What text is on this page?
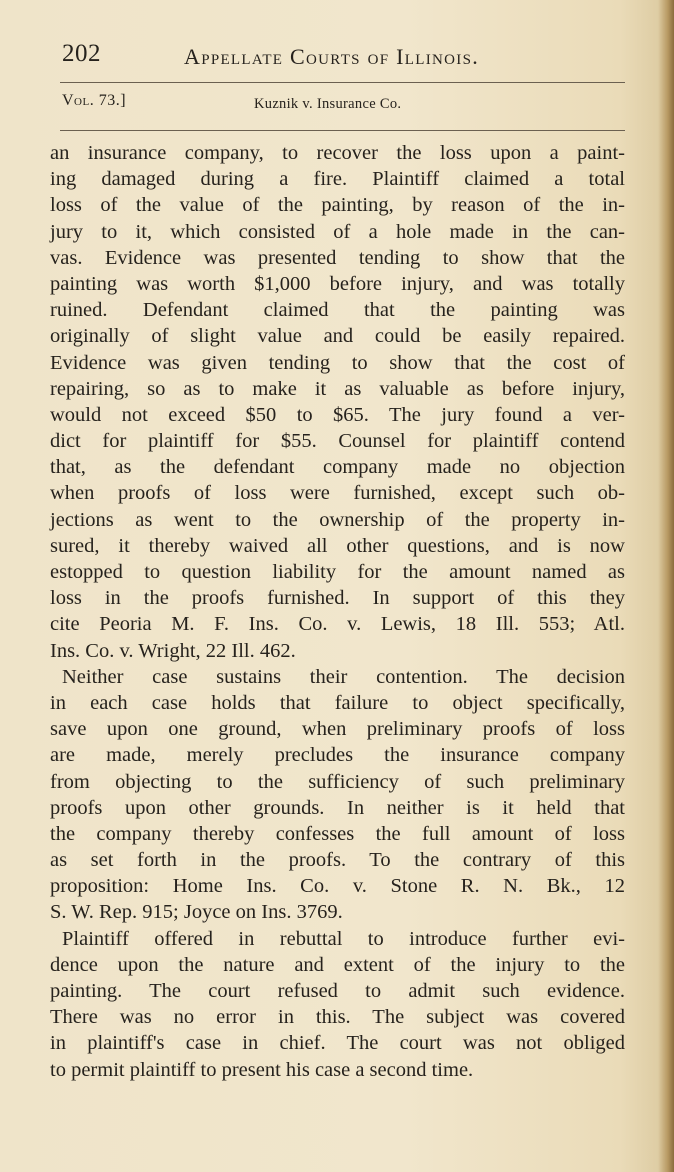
202	Appellate Courts of Illinois.
Vol. 73.]	Kuznik v. Insurance Co.
an insurance company, to recover the loss upon a paint-
ing damaged during a fire. Plaintiff claimed a total
loss of the value of the painting, by reason of the in-
jury to it, which consisted of a hole made in the can-
vas. Evidence was presented tending to show that the
painting was worth $1,000 before injury, and was totally
ruined. Defendant claimed that the painting was
originally of slight value and could be easily repaired.
Evidence was given tending to show that the cost of
repairing, so as to make it as valuable as before injury,
would not exceed $50 to $65. The jury found a ver-
dict for plaintiff for $55. Counsel for plaintiff contend
that, as the defendant company made no objection
when proofs of loss were furnished, except such ob-
jections as went to the ownership of the property in-
sured, it thereby waived all other questions, and is now
estopped to question liability for the amount named as
loss in the proofs furnished. In support of this they
cite Peoria M. F. Ins. Co. v. Lewis, 18 Ill. 553; Atl.
Ins. Co. v. Wright, 22 Ill. 462.
Neither case sustains their contention. The decision
in each case holds that failure to object specifically,
save upon one ground, when preliminary proofs of loss
are made, merely precludes the insurance company
from objecting to the sufficiency of such preliminary
proofs upon other grounds. In neither is it held that
the company thereby confesses the full amount of loss
as set forth in the proofs. To the contrary of this
proposition: Home Ins. Co. v. Stone R. N. Bk., 12
S. W. Rep. 915; Joyce on Ins. 3769.
Plaintiff offered in rebuttal to introduce further evi-
dence upon the nature and extent of the injury to the
painting. The court refused to admit such evidence.
There was no error in this. The subject was covered
in plaintiff's case in chief. The court was not obliged
to permit plaintiff to present his case a second time.
